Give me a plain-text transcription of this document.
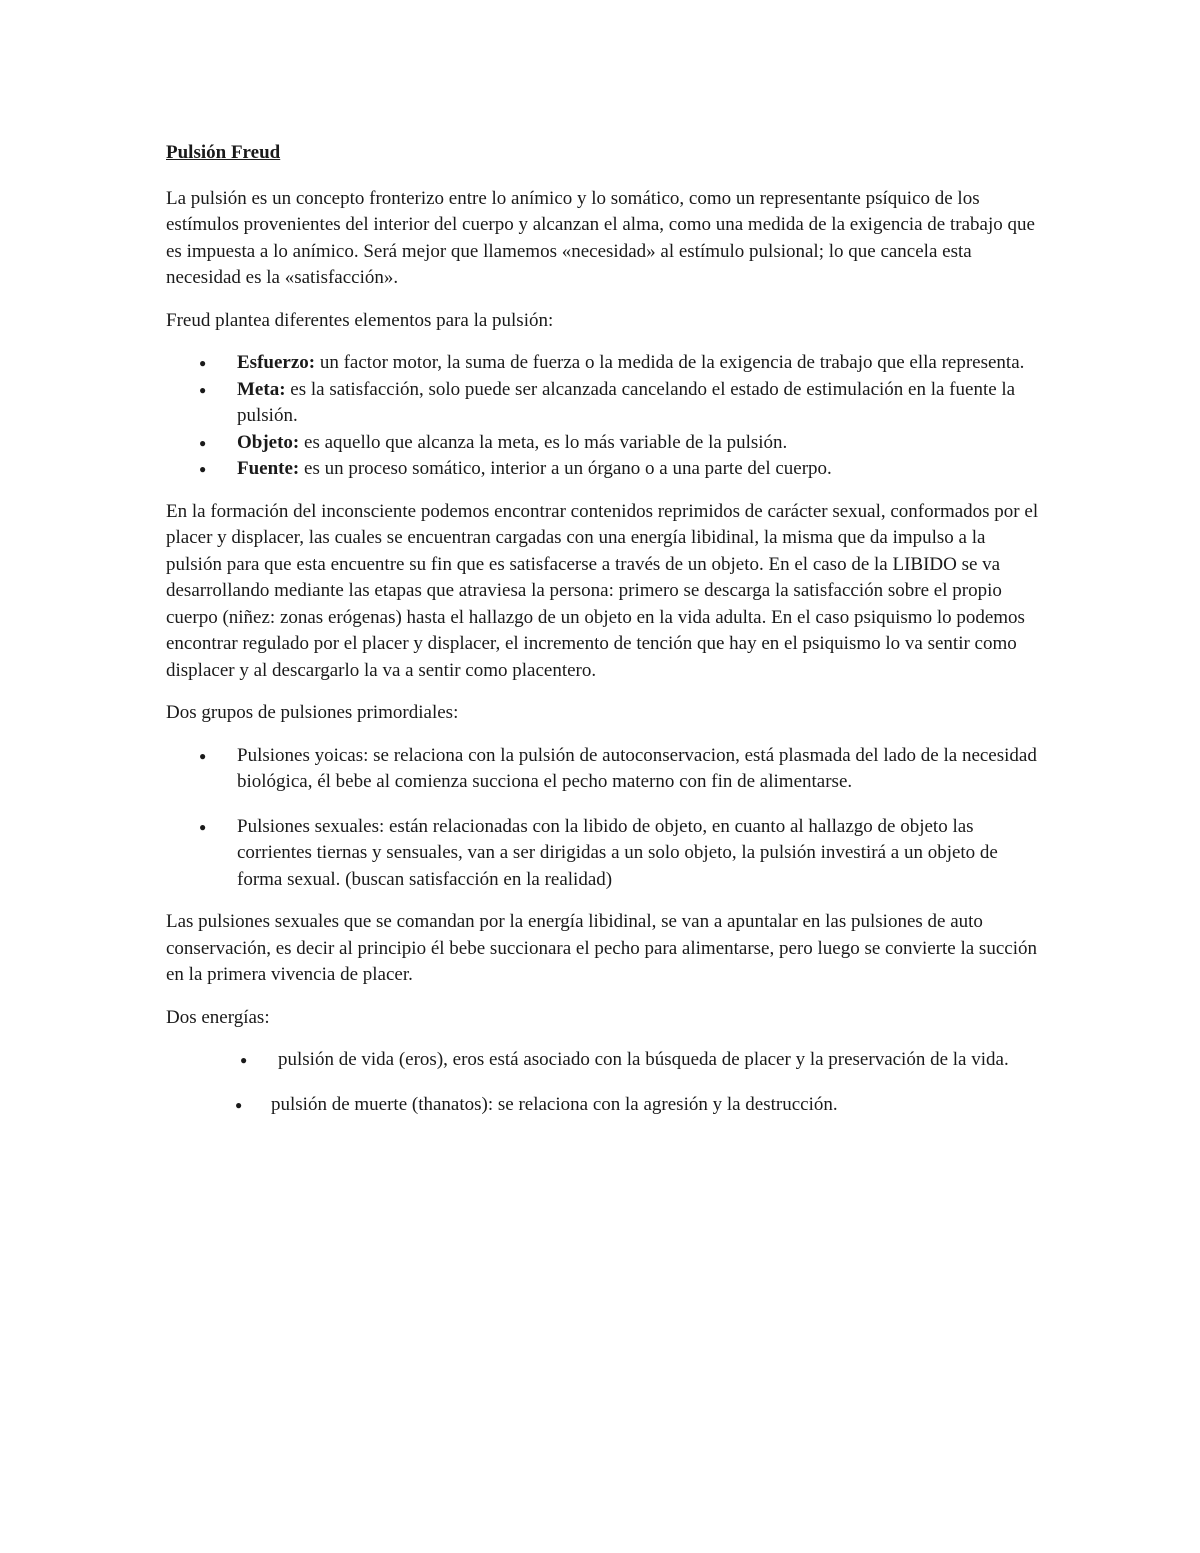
Pulsión Freud

La pulsión es un concepto fronterizo entre lo anímico y lo somático, como un representante psíquico de los estímulos provenientes del interior del cuerpo y alcanzan el alma, como una medida de la exigencia de trabajo que es impuesta a lo anímico. Será mejor que llamemos «necesidad» al estímulo pulsional; lo que cancela esta necesidad es la «satisfacción».

Freud plantea diferentes elementos para la pulsión:

● Esfuerzo: un factor motor, la suma de fuerza o la medida de la exigencia de trabajo que ella representa.
● Meta: es la satisfacción, solo puede ser alcanzada cancelando el estado de estimulación en la fuente la pulsión.
● Objeto: es aquello que alcanza la meta, es lo más variable de la pulsión.
● Fuente: es un proceso somático, interior a un órgano o a una parte del cuerpo.

En la formación del inconsciente podemos encontrar contenidos reprimidos de carácter sexual, conformados por el placer y displacer, las cuales se encuentran cargadas con una energía libidinal, la misma que da impulso a la pulsión para que esta encuentre su fin que es satisfacerse a través de un objeto. En el caso de la LIBIDO se va desarrollando mediante las etapas que atraviesa la persona: primero se descarga la satisfacción sobre el propio cuerpo (niñez: zonas erógenas) hasta el hallazgo de un objeto en la vida adulta. En el caso psiquismo lo podemos encontrar regulado por el placer y displacer, el incremento de tención que hay en el psiquismo lo va sentir como displacer y al descargarlo la va a sentir como placentero.

Dos grupos de pulsiones primordiales:

● Pulsiones yoicas: se relaciona con la pulsión de autoconservacion, está plasmada del lado de la necesidad biológica, él bebe al comienza succiona el pecho materno con fin de alimentarse.
● Pulsiones sexuales: están relacionadas con la libido de objeto, en cuanto al hallazgo de objeto las corrientes tiernas y sensuales, van a ser dirigidas a un solo objeto, la pulsión investirá a un objeto de forma sexual. (buscan satisfacción en la realidad)

Las pulsiones sexuales que se comandan por la energía libidinal, se van a apuntalar en las pulsiones de auto conservación, es decir al principio él bebe succionara el pecho para alimentarse, pero luego se convierte la succión en la primera vivencia de placer.

Dos energías:

● pulsión de vida (eros), eros está asociado con la búsqueda de placer y la preservación de la vida.
● pulsión de muerte (thanatos): se relaciona con la agresión y la destrucción.
